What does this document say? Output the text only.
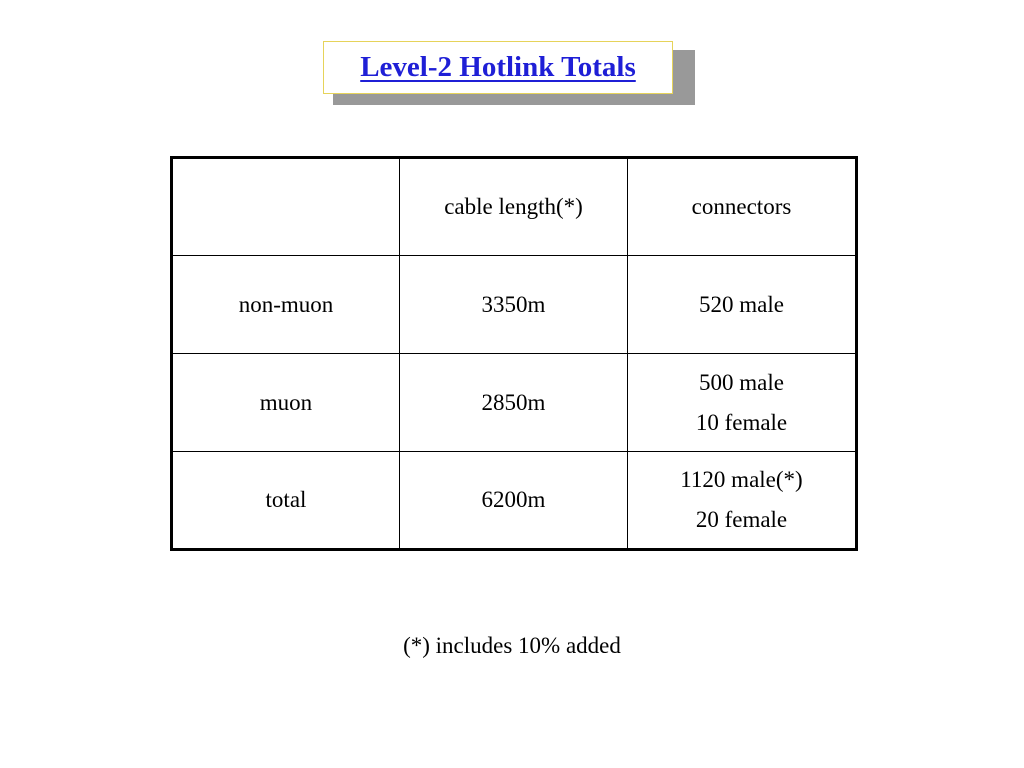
Level-2 Hotlink Totals
	cable length(*)	connectors
non-muon	3350m	520 male

muon	2850m	500 male
10 female

total	6200m	1120 male(*)
20 female
(*) includes 10% added
